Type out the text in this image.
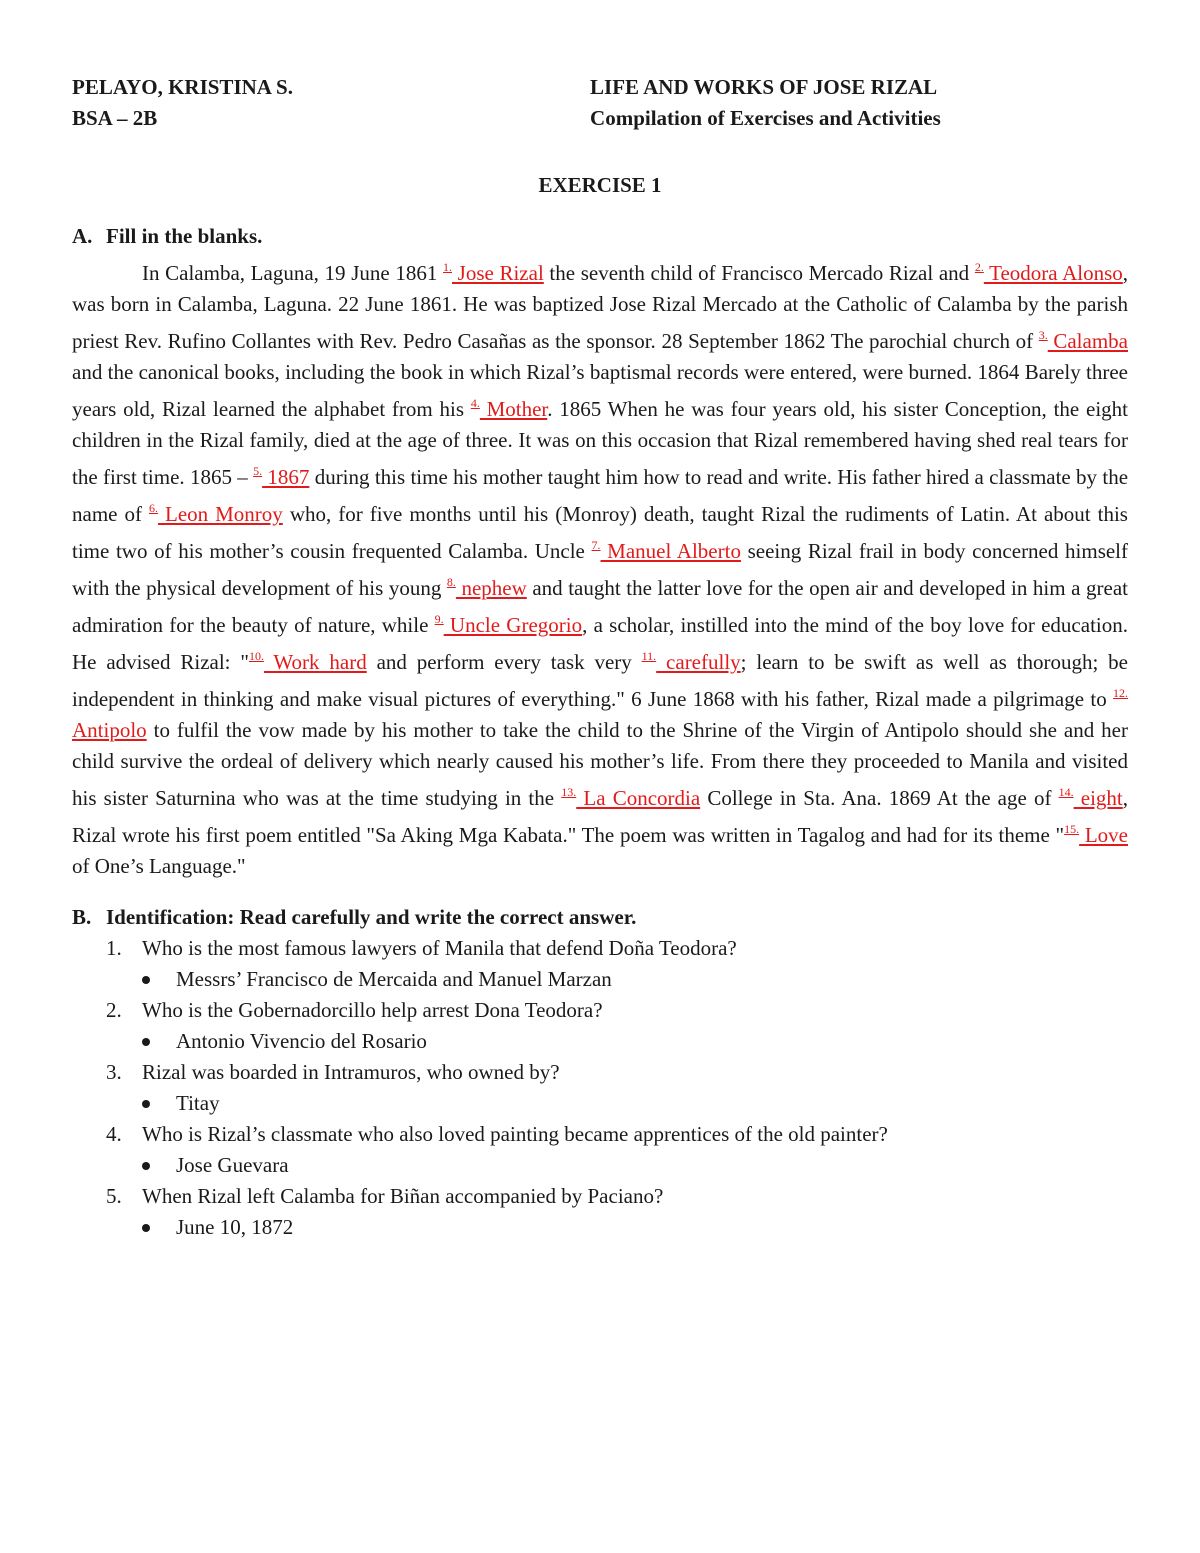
PELAYO, KRISTINA S.
BSA – 2B
LIFE AND WORKS OF JOSE RIZAL
Compilation of Exercises and Activities
EXERCISE 1
A. Fill in the blanks.

In Calamba, Laguna, 19 June 1861 $^{1.}$ Jose Rizal the seventh child of Francisco Mercado Rizal and $^{2.}$ Teodora Alonso, was born in Calamba, Laguna. 22 June 1861. He was baptized Jose Rizal Mercado at the Catholic of Calamba by the parish priest Rev. Rufino Collantes with Rev. Pedro Casañas as the sponsor. 28 September 1862 The parochial church of $^{3.}$ Calamba and the canonical books, including the book in which Rizal’s baptismal records were entered, were burned. 1864 Barely three years old, Rizal learned the alphabet from his $^{4.}$ Mother. 1865 When he was four years old, his sister Conception, the eight children in the Rizal family, died at the age of three. It was on this occasion that Rizal remembered having shed real tears for the first time. 1865 – $^{5.}$ 1867 during this time his mother taught him how to read and write. His father hired a classmate by the name of $^{6.}$ Leon Monroy who, for five months until his (Monroy) death, taught Rizal the rudiments of Latin. At about this time two of his mother’s cousin frequented Calamba. Uncle $^{7.}$ Manuel Alberto seeing Rizal frail in body concerned himself with the physical development of his young $^{8.}$ nephew and taught the latter love for the open air and developed in him a great admiration for the beauty of nature, while $^{9.}$ Uncle Gregorio, a scholar, instilled into the mind of the boy love for education. He advised Rizal: "$^{10.}$ Work hard and perform every task very $^{11.}$ carefully; learn to be swift as well as thorough; be independent in thinking and make visual pictures of everything." 6 June 1868 with his father, Rizal made a pilgrimage to $^{12.}$ Antipolo to fulfil the vow made by his mother to take the child to the Shrine of the Virgin of Antipolo should she and her child survive the ordeal of delivery which nearly caused his mother’s life. From there they proceeded to Manila and visited his sister Saturnina who was at the time studying in the $^{13.}$ La Concordia College in Sta. Ana. 1869 At the age of $^{14.}$ eight, Rizal wrote his first poem entitled "Sa Aking Mga Kabata." The poem was written in Tagalog and had for its theme "$^{15.}$ Love of One’s Language."

B. Identification: Read carefully and write the correct answer.
1. Who is the most famous lawyers of Manila that defend Doña Teodora?
Messrs’ Francisco de Mercaida and Manuel Marzan
2. Who is the Gobernadorcillo help arrest Dona Teodora?
Antonio Vivencio del Rosario
3. Rizal was boarded in Intramuros, who owned by?
Titay
4. Who is Rizal’s classmate who also loved painting became apprentices of the old painter?
Jose Guevara
5. When Rizal left Calamba for Biñan accompanied by Paciano?
June 10, 1872
